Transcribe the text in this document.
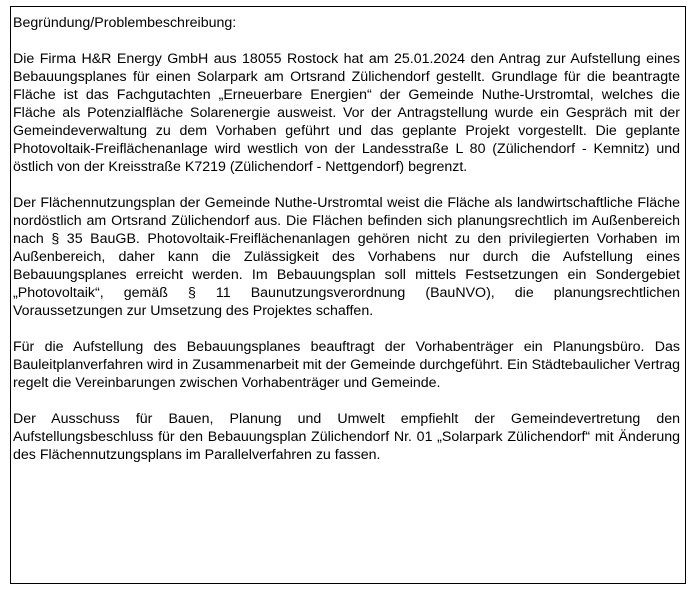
Begründung/Problembeschreibung:

Die Firma H&R Energy GmbH aus 18055 Rostock hat am 25.01.2024 den Antrag zur Aufstellung eines Bebauungsplanes für einen Solarpark am Ortsrand Zülichendorf gestellt. Grundlage für die beantragte Fläche ist das Fachgutachten „Erneuerbare Energien“ der Gemeinde Nuthe-Urstromtal, welches die Fläche als Potenzialfläche Solarenergie ausweist. Vor der Antragstellung wurde ein Gespräch mit der Gemeindeverwaltung zu dem Vorhaben geführt und das geplante Projekt vorgestellt. Die geplante Photovoltaik-Freiflächenanlage wird westlich von der Landesstraße L 80 (Zülichendorf - Kemnitz) und östlich von der Kreisstraße K7219 (Zülichendorf - Nettgendorf) begrenzt.

Der Flächennutzungsplan der Gemeinde Nuthe-Urstromtal weist die Fläche als landwirtschaftliche Fläche nordöstlich am Ortsrand Zülichendorf aus. Die Flächen befinden sich planungsrechtlich im Außenbereich nach § 35 BauGB. Photovoltaik-Freiflächenanlagen gehören nicht zu den privilegierten Vorhaben im Außenbereich, daher kann die Zulässigkeit des Vorhabens nur durch die Aufstellung eines Bebauungsplanes erreicht werden. Im Bebauungsplan soll mittels Festsetzungen ein Sondergebiet „Photovoltaik“, gemäß § 11 Baunutzungsverordnung (BauNVO), die planungsrechtlichen Voraussetzungen zur Umsetzung des Projektes schaffen.

Für die Aufstellung des Bebauungsplanes beauftragt der Vorhabenträger ein Planungsbüro. Das Bauleitplanverfahren wird in Zusammenarbeit mit der Gemeinde durchgeführt. Ein Städtebaulicher Vertrag regelt die Vereinbarungen zwischen Vorhabenträger und Gemeinde.

Der Ausschuss für Bauen, Planung und Umwelt empfiehlt der Gemeindevertretung den Aufstellungsbeschluss für den Bebauungsplan Zülichendorf Nr. 01 „Solarpark Zülichendorf“ mit Änderung des Flächennutzungsplans im Parallelverfahren zu fassen.
